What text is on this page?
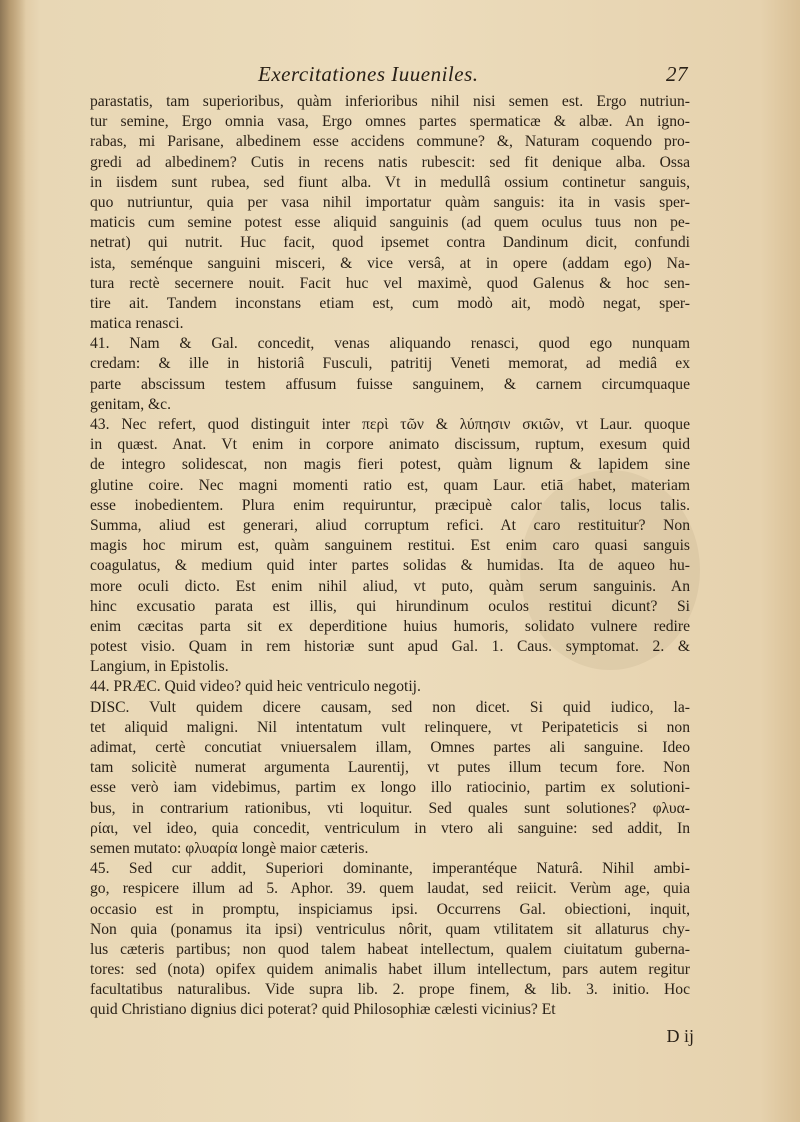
Exercitationes Iuueniles.	27
parastatis, tam superioribus, quàm inferioribus nihil nisi semen est. Ergo nutriun-
tur semine, Ergo omnia vasa, Ergo omnes partes spermaticæ & albæ. An igno-
rabas, mi Parisane, albedinem esse accidens commune? &, Naturam coquendo pro-
gredi ad albedinem? Cutis in recens natis rubescit: sed fit denique alba. Ossa
in iisdem sunt rubea, sed fiunt alba. Vt in medullâ ossium continetur sanguis,
quo nutriuntur, quia per vasa nihil importatur quàm sanguis: ita in vasis sper-
maticis cum semine potest esse aliquid sanguinis (ad quem oculus tuus non pe-
netrat) qui nutrit. Huc facit, quod ipsemet contra Dandinum dicit, confundi
ista, seménque sanguini misceri, & vice versâ, at in opere (addam ego) Na-
tura rectè secernere nouit. Facit huc vel maximè, quod Galenus & hoc sen-
tire ait. Tandem inconstans etiam est, cum modò ait, modò negat, sper-
matica renasci.
41. Nam & Gal. concedit, venas aliquando renasci, quod ego nunquam
credam: & ille in historiâ Fusculi, patritij Veneti memorat, ad mediâ ex
parte abscissum testem affusum fuisse sanguinem, & carnem circumquaque
genitam, &c.
43. Nec refert, quod distinguit inter περὶ τῶν & λύπησιν σκιῶν, vt Laur. quoque
in quæst. Anat. Vt enim in corpore animato discissum, ruptum, exesum quid
de integro solidescat, non magis fieri potest, quàm lignum & lapidem sine
glutine coire. Nec magni momenti ratio est, quam Laur. etiā habet, materiam
esse inobedientem. Plura enim requiruntur, præcipuè calor talis, locus talis.
Summa, aliud est generari, aliud corruptum refici. At caro restituitur? Non
magis hoc mirum est, quàm sanguinem restitui. Est enim caro quasi sanguis
coagulatus, & medium quid inter partes solidas & humidas. Ita de aqueo hu-
more oculi dicto. Est enim nihil aliud, vt puto, quàm serum sanguinis. An
hinc excusatio parata est illis, qui hirundinum oculos restitui dicunt? Si
enim cæcitas parta sit ex deperditione huius humoris, solidato vulnere redire
potest visio. Quam in rem historiæ sunt apud Gal. 1. Caus. symptomat. 2. &
Langium, in Epistolis.
44. PRÆC. Quid video? quid heic ventriculo negotij.
DISC. Vult quidem dicere causam, sed non dicet. Si quid iudico, la-
tet aliquid maligni. Nil intentatum vult relinquere, vt Peripateticis si non
adimat, certè concutiat vniuersalem illam, Omnes partes ali sanguine. Ideo
tam solicitè numerat argumenta Laurentij, vt putes illum tecum fore. Non
esse verò iam videbimus, partim ex longo illo ratiocinio, partim ex solutioni-
bus, in contrarium rationibus, vti loquitur. Sed quales sunt solutiones? φλυα-
ρίαι, vel ideo, quia concedit, ventriculum in vtero ali sanguine: sed addit, In
semen mutato: φλυαρία longè maior cæteris.
45. Sed cur addit, Superiori dominante, imperantéque Naturâ. Nihil ambi-
go, respicere illum ad 5. Aphor. 39. quem laudat, sed reiicit. Verùm age, quia
occasio est in promptu, inspiciamus ipsi. Occurrens Gal. obiectioni, inquit,
Non quia (ponamus ita ipsi) ventriculus nôrit, quam vtilitatem sit allaturus chy-
lus cæteris partibus; non quod talem habeat intellectum, qualem ciuitatum guberna-
tores: sed (nota) opifex quidem animalis habet illum intellectum, pars autem regitur
facultatibus naturalibus. Vide supra lib. 2. prope finem, & lib. 3. initio. Hoc
quid Christiano dignius dici poterat? quid Philosophiæ cælesti vicinius? Et
D ij
